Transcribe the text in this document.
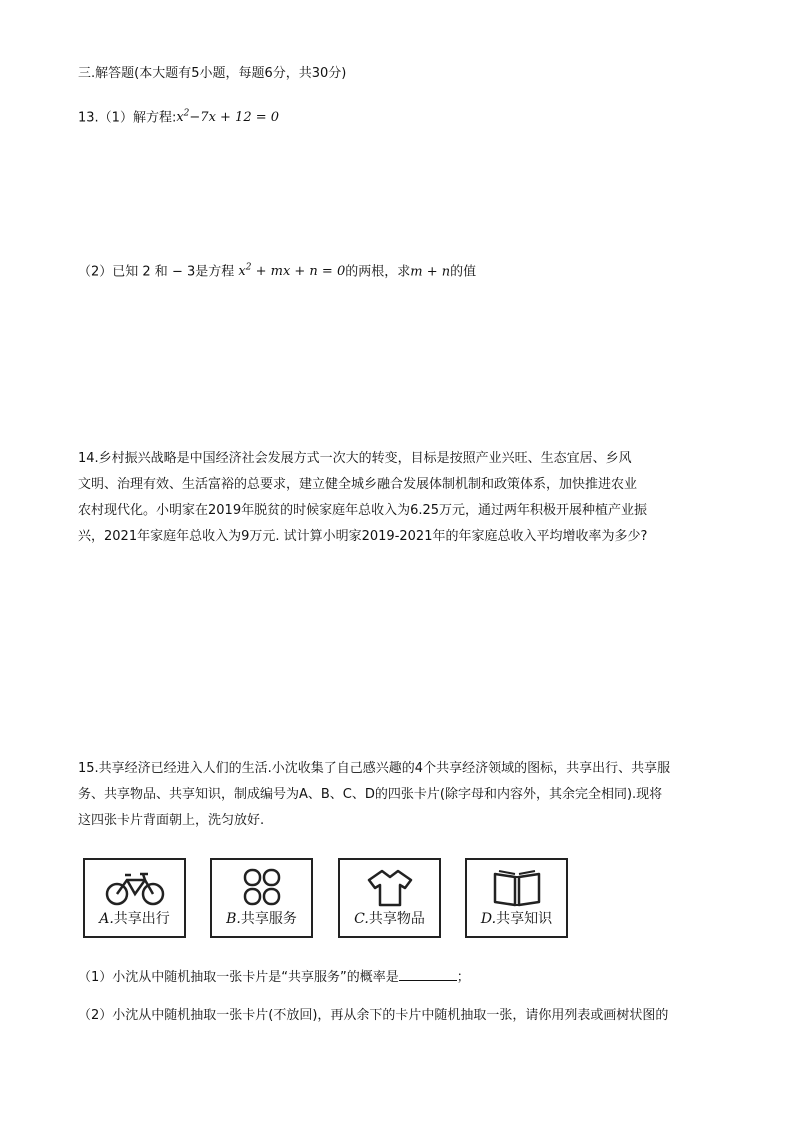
三.解答题(本大题有5小题，每题6分，共30分)
13.（1）解方程$:x^2-7x + 12 = 0$
（2）已知 2 和 − 3是方程 $x^2$ + mx + n = 0的两根，求m + n的值
14.乡村振兴战略是中国经济社会发展方式一次大的转变，目标是按照产业兴旺、生态宜居、乡风
文明、治理有效、生活富裕的总要求，建立健全城乡融合发展体制机制和政策体系，加快推进农业
农村现代化。小明家在2019年脱贫的时候家庭年总收入为6.25万元，通过两年积极开展种植产业振
兴，2021年家庭年总收入为9万元. 试计算小明家2019-2021年的年家庭总收入平均增收率为多少?
15.共享经济已经进入人们的生活.小沈收集了自己感兴趣的4个共享经济领域的图标，共享出行、共享服
务、共享物品、共享知识，制成编号为A、B、C、D的四张卡片(除字母和内容外，其余完全相同).现将
这四张卡片背面朝上，洗匀放好.
A.共享出行	B.共享服务	C.共享物品	D.共享知识
（1）小沈从中随机抽取一张卡片是“共享服务”的概率是	；
（2）小沈从中随机抽取一张卡片(不放回)，再从余下的卡片中随机抽取一张，请你用列表或画树状图的
